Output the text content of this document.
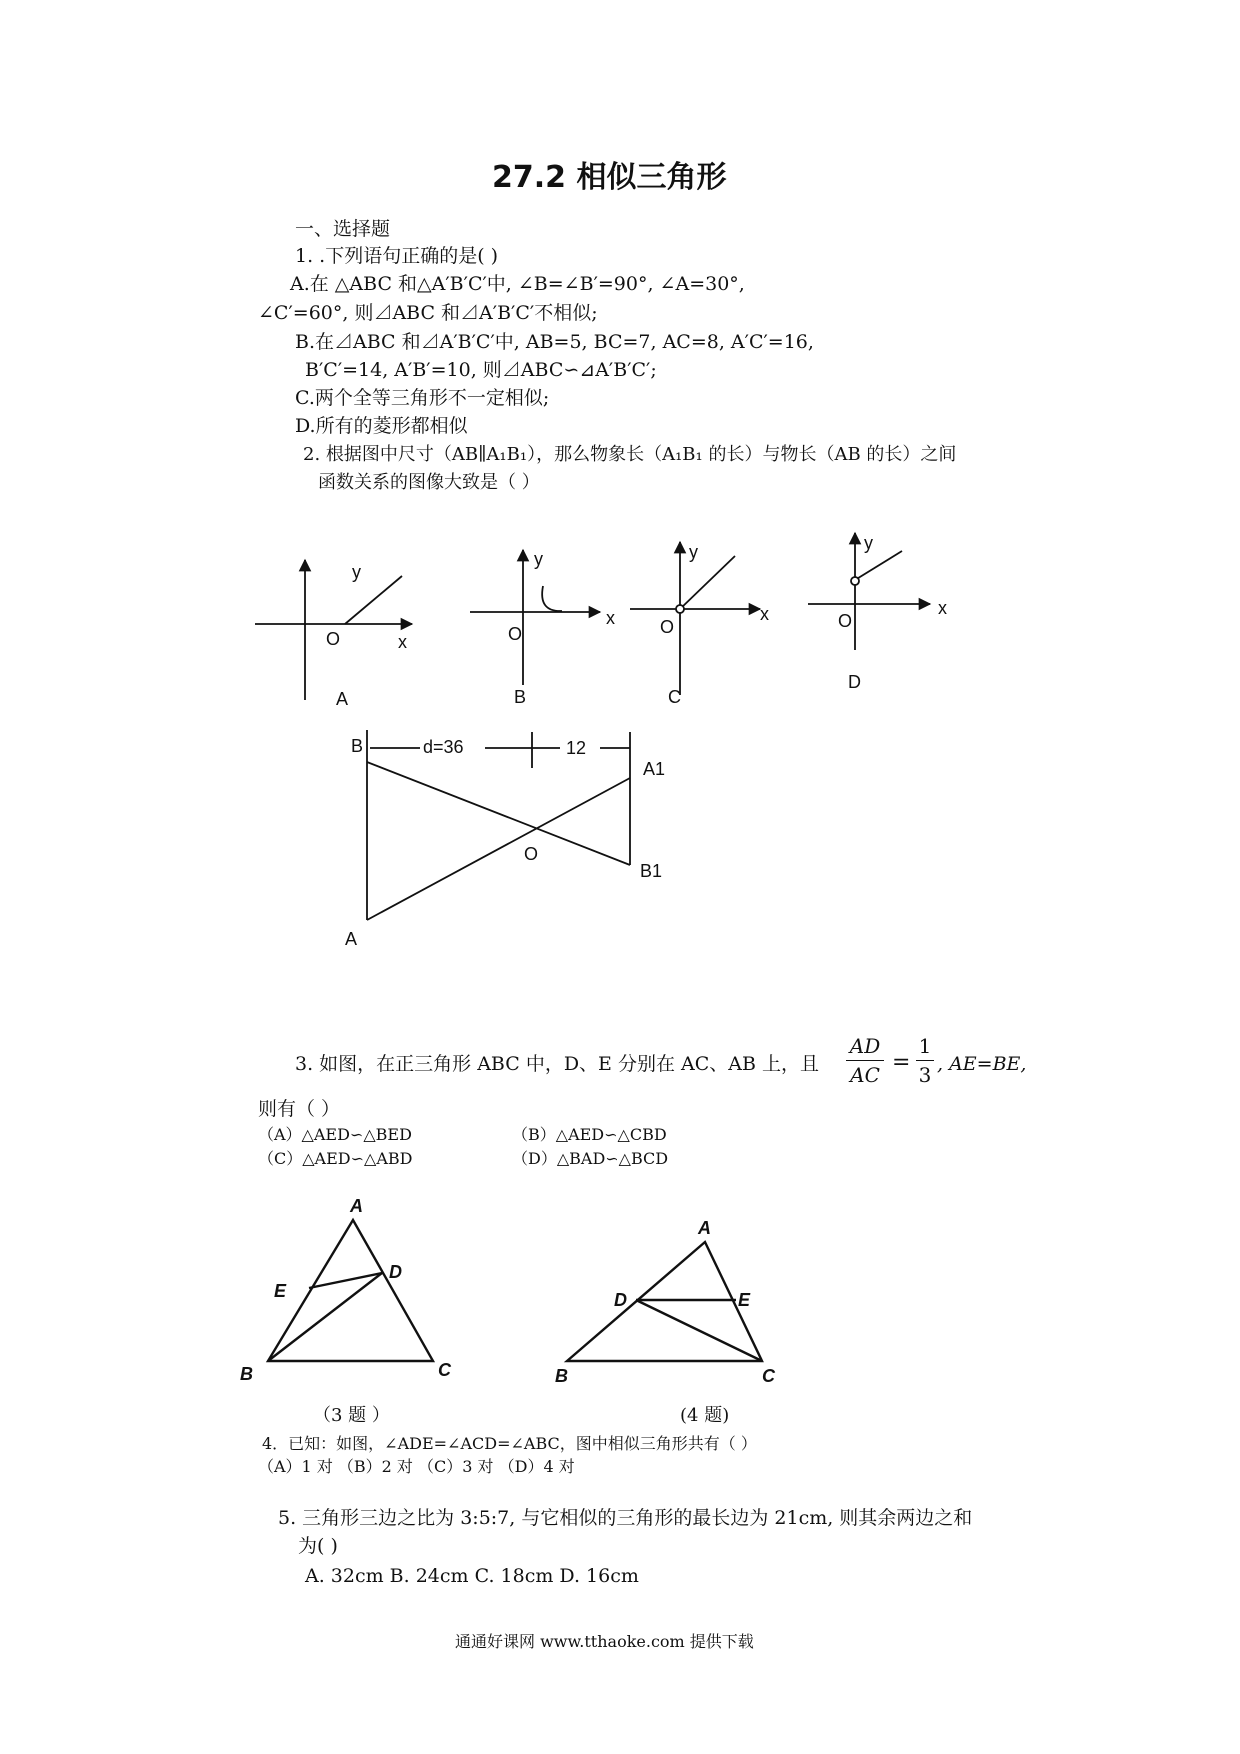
27.2 相似三角形
一、选择题
1. .下列语句正确的是( )
A.在 △ABC 和△A′B′C′中, ∠B=∠B′=90°, ∠A=30°,
∠C′=60°, 则⊿ABC 和⊿A′B′C′不相似;
B.在⊿ABC 和⊿A′B′C′中, AB=5, BC=7, AC=8, A′C′=16,
B′C′=14, A′B′=10, 则⊿ABC∽⊿A′B′C′;
C.两个全等三角形不一定相似;
D.所有的菱形都相似
2. 根据图中尺寸（AB∥A₁B₁），那么物象长（A₁B₁ 的长）与物长（AB 的长）之间
函数关系的图像大致是（ ）
y
x
O
A
y
x
O
B
y
x
O
C
y
x
O
D
B	d=36	12
A1
O
B1
A
3. 如图，在正三角形 ABC 中，D、E 分别在 AC、AB 上，且
AD
AC =
1
3 , AE=BE,
则有（ ）
（A）△AED∽△BED	（B）△AED∽△CBD
（C）△AED∽△ABD	（D）△BAD∽△BCD
A
D
E
B	C
A
D	E
B	C
（3 题 ）	(4 题)
4．已知：如图，∠ADE=∠ACD=∠ABC，图中相似三角形共有（ ）
（A）1 对 （B）2 对 （C）3 对 （D）4 对
5. 三角形三边之比为 3:5:7, 与它相似的三角形的最长边为 21cm, 则其余两边之和
为( )
A. 32cm B. 24cm C. 18cm D. 16cm
通通好课网 www.tthaoke.com 提供下载
